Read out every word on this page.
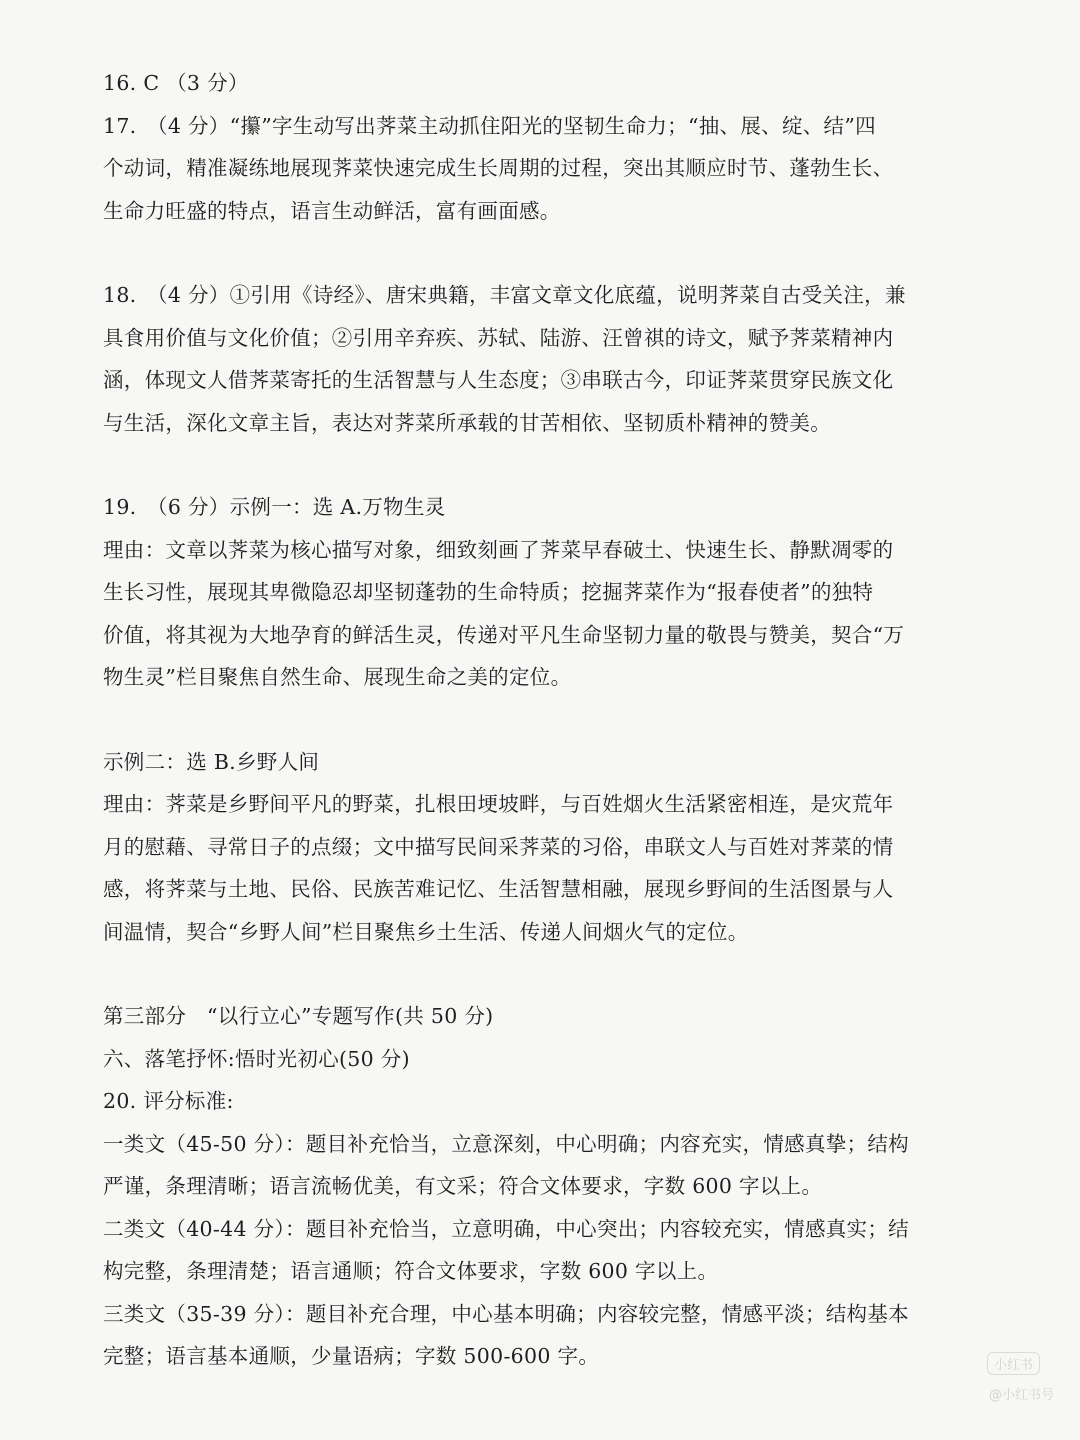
16. C （3 分）
17.　（4 分）“攥”字生动写出荠菜主动抓住阳光的坚韧生命力；“抽、展、绽、结”四
个动词，精准凝练地展现荠菜快速完成生长周期的过程，突出其顺应时节、蓬勃生长、
生命力旺盛的特点，语言生动鲜活，富有画面感。
18.　（4 分）①引用《诗经》、唐宋典籍，丰富文章文化底蕴，说明荠菜自古受关注，兼
具食用价值与文化价值；②引用辛弃疾、苏轼、陆游、汪曾祺的诗文，赋予荠菜精神内
涵，体现文人借荠菜寄托的生活智慧与人生态度；③串联古今，印证荠菜贯穿民族文化
与生活，深化文章主旨，表达对荠菜所承载的甘苦相依、坚韧质朴精神的赞美。
19.　（6 分）示例一：选 A.万物生灵
理由：文章以荠菜为核心描写对象，细致刻画了荠菜早春破土、快速生长、静默凋零的
生长习性，展现其卑微隐忍却坚韧蓬勃的生命特质；挖掘荠菜作为“报春使者”的独特
价值，将其视为大地孕育的鲜活生灵，传递对平凡生命坚韧力量的敬畏与赞美，契合“万
物生灵”栏目聚焦自然生命、展现生命之美的定位。
示例二：选 B.乡野人间
理由：荠菜是乡野间平凡的野菜，扎根田埂坡畔，与百姓烟火生活紧密相连，是灾荒年
月的慰藉、寻常日子的点缀；文中描写民间采荠菜的习俗，串联文人与百姓对荠菜的情
感，将荠菜与土地、民俗、民族苦难记忆、生活智慧相融，展现乡野间的生活图景与人
间温情，契合“乡野人间”栏目聚焦乡土生活、传递人间烟火气的定位。
第三部分　“以行立心”专题写作(共 50 分)
六、落笔抒怀:悟时光初心(50 分)
20. 评分标准:
一类文（45-50 分）：题目补充恰当，立意深刻，中心明确；内容充实，情感真挚；结构
严谨，条理清晰；语言流畅优美，有文采；符合文体要求，字数 600 字以上。
二类文（40-44 分）：题目补充恰当，立意明确，中心突出；内容较充实，情感真实；结
构完整，条理清楚；语言通顺；符合文体要求，字数 600 字以上。
三类文（35-39 分）：题目补充合理，中心基本明确；内容较完整，情感平淡；结构基本
完整；语言基本通顺，少量语病；字数 500-600 字。	小红书
@小红书号
